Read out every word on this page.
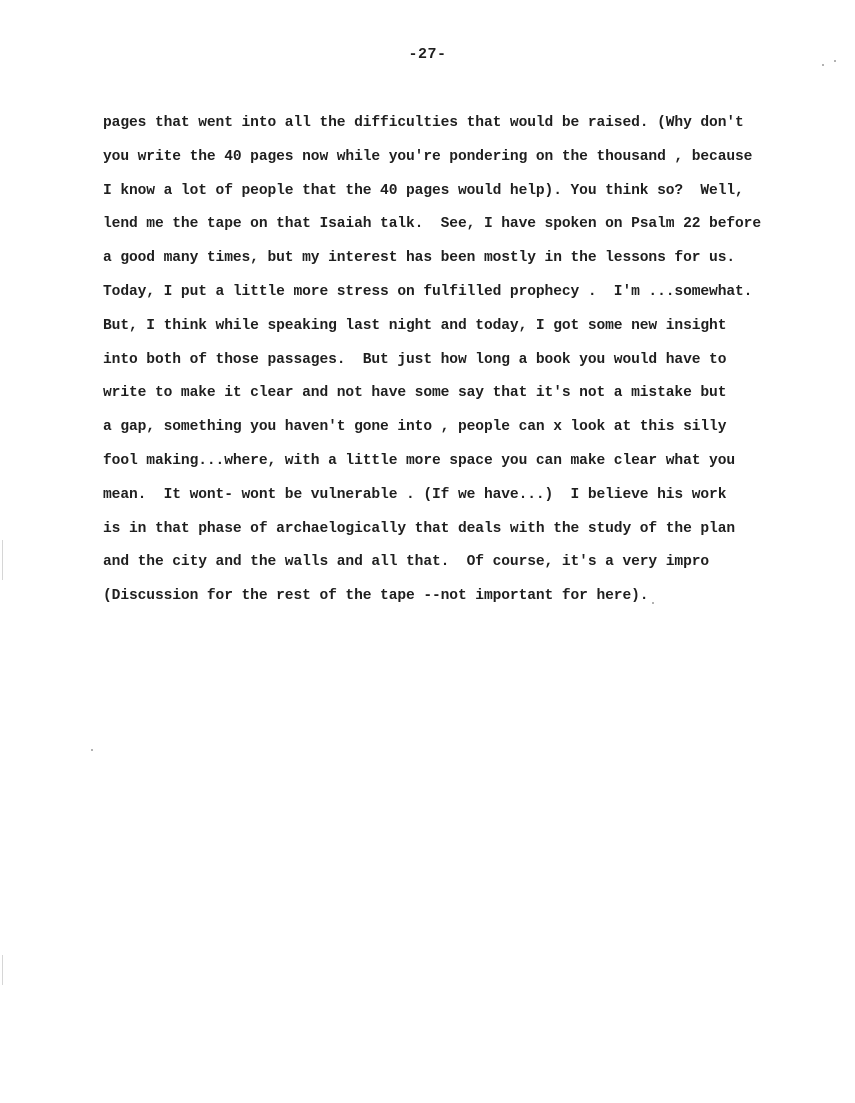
-27-
pages that went into all the difficulties that would be raised. (Why don't
you write the 40 pages now while you're pondering on the thousand , because
I know a lot of people that the 40 pages would help). You think so?  Well,
lend me the tape on that Isaiah talk.  See, I have spoken on Psalm 22 before
a good many times, but my interest has been mostly in the lessons for us.
Today, I put a little more stress on fulfilled prophecy .  I'm ...somewhat.
But, I think while speaking last night and today, I got some new insight
into both of those passages.  But just how long a book you would have to
write to make it clear and not have some say that it's not a mistake but
a gap, something you haven't gone into , people can x look at this silly
fool making...where, with a little more space you can make clear what you
mean.  It wont- wont be vulnerable . (If we have...)  I believe his work
is in that phase of archaelogically that deals with the study of the plan
and the city and the walls and all that.  Of course, it's a very impro
(Discussion for the rest of the tape --not important for here).
